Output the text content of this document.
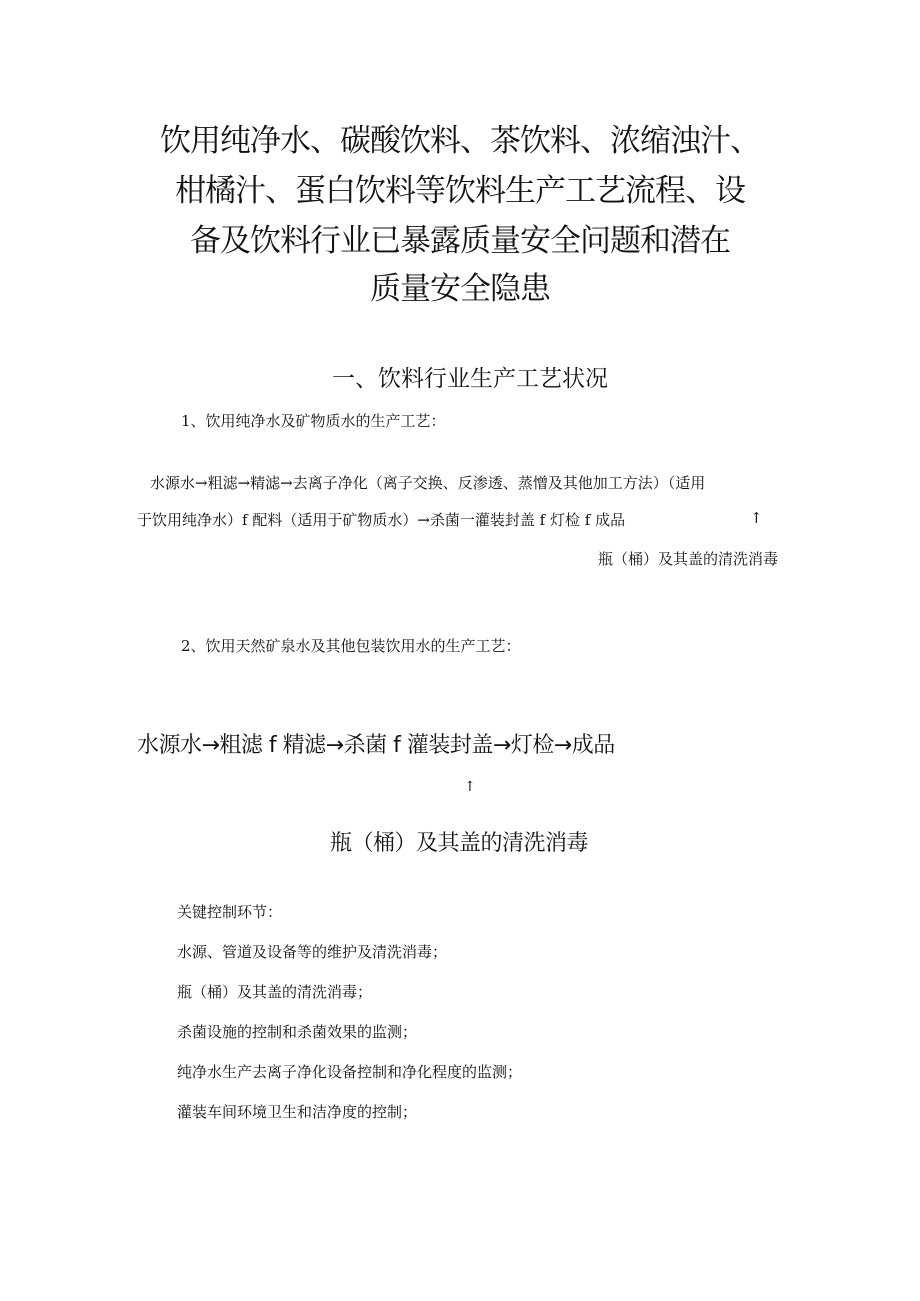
饮用纯净水、碳酸饮料、茶饮料、浓缩浊汁、
柑橘汁、蛋白饮料等饮料生产工艺流程、设
备及饮料行业已暴露质量安全问题和潜在
质量安全隐患
一、饮料行业生产工艺状况
1、饮用纯净水及矿物质水的生产工艺：
水源水→粗滤→精滤→去离子净化（离子交换、反渗透、蒸憎及其他加工方法）（适用
于饮用纯净水）f 配料（适用于矿物质水）→杀菌一灌装封盖 f 灯检 f 成品	↑
瓶（桶）及其盖的清洗消毒
2、饮用天然矿泉水及其他包装饮用水的生产工艺：
水源水→粗滤 f 精滤→杀菌 f 灌装封盖→灯检→成品
↑
瓶（桶）及其盖的清洗消毒
关键控制环节：
水源、管道及设备等的维护及清洗消毒；
瓶（桶）及其盖的清洗消毒；
杀菌设施的控制和杀菌效果的监测；
纯净水生产去离子净化设备控制和净化程度的监测；
灌装车间环境卫生和洁净度的控制；
